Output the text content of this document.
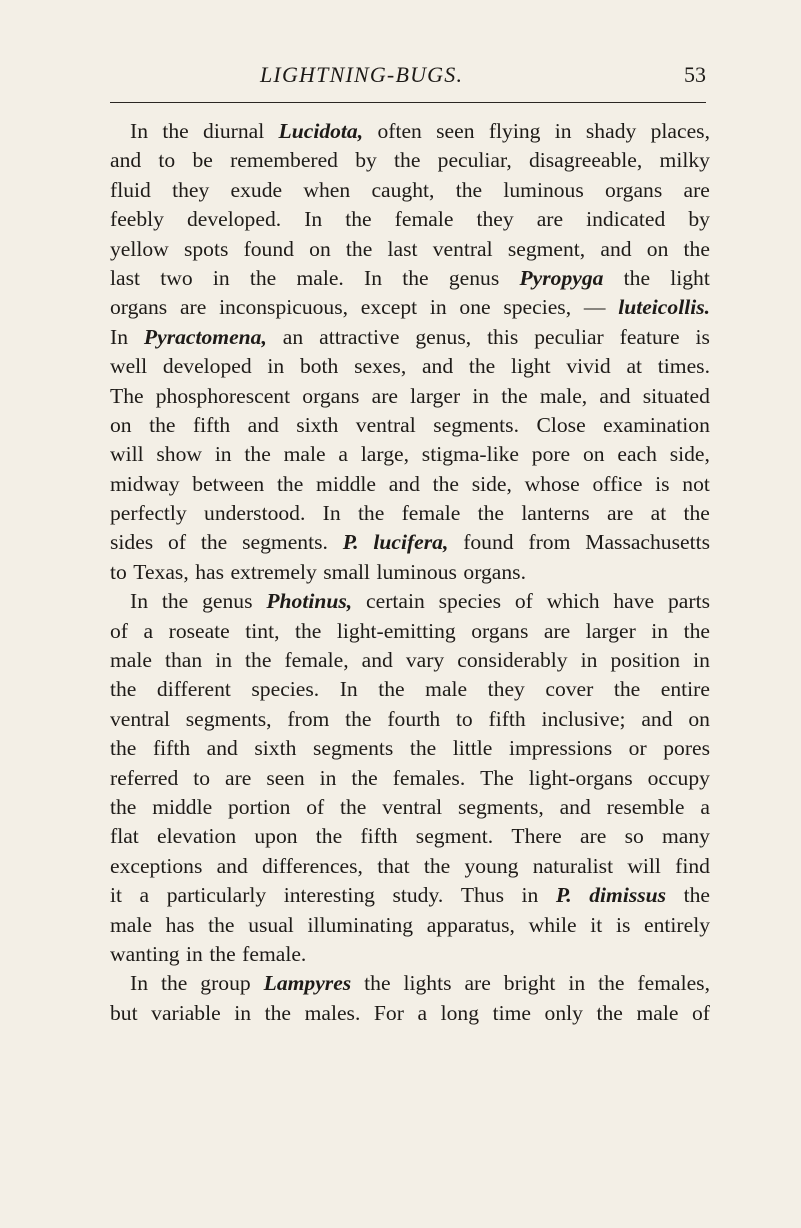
LIGHTNING-BUGS.	53
In the diurnal Lucidota, often seen flying in shady places,
and to be remembered by the peculiar, disagreeable, milky
fluid they exude when caught, the luminous organs are
feebly developed. In the female they are indicated by
yellow spots found on the last ventral segment, and on the
last two in the male. In the genus Pyropyga the light
organs are inconspicuous, except in one species, — luteicollis.
In Pyractomena, an attractive genus, this peculiar feature is
well developed in both sexes, and the light vivid at times.
The phosphorescent organs are larger in the male, and situated
on the fifth and sixth ventral segments. Close examination
will show in the male a large, stigma-like pore on each side,
midway between the middle and the side, whose office is not
perfectly understood. In the female the lanterns are at the
sides of the segments. P. lucifera, found from Massachusetts
to Texas, has extremely small luminous organs.
In the genus Photinus, certain species of which have parts
of a roseate tint, the light-emitting organs are larger in the
male than in the female, and vary considerably in position in
the different species. In the male they cover the entire
ventral segments, from the fourth to fifth inclusive; and on
the fifth and sixth segments the little impressions or pores
referred to are seen in the females. The light-organs occupy
the middle portion of the ventral segments, and resemble a
flat elevation upon the fifth segment. There are so many
exceptions and differences, that the young naturalist will find
it a particularly interesting study. Thus in P. dimissus the
male has the usual illuminating apparatus, while it is entirely
wanting in the female.
In the group Lampyres the lights are bright in the females,
but variable in the males. For a long time only the male of
